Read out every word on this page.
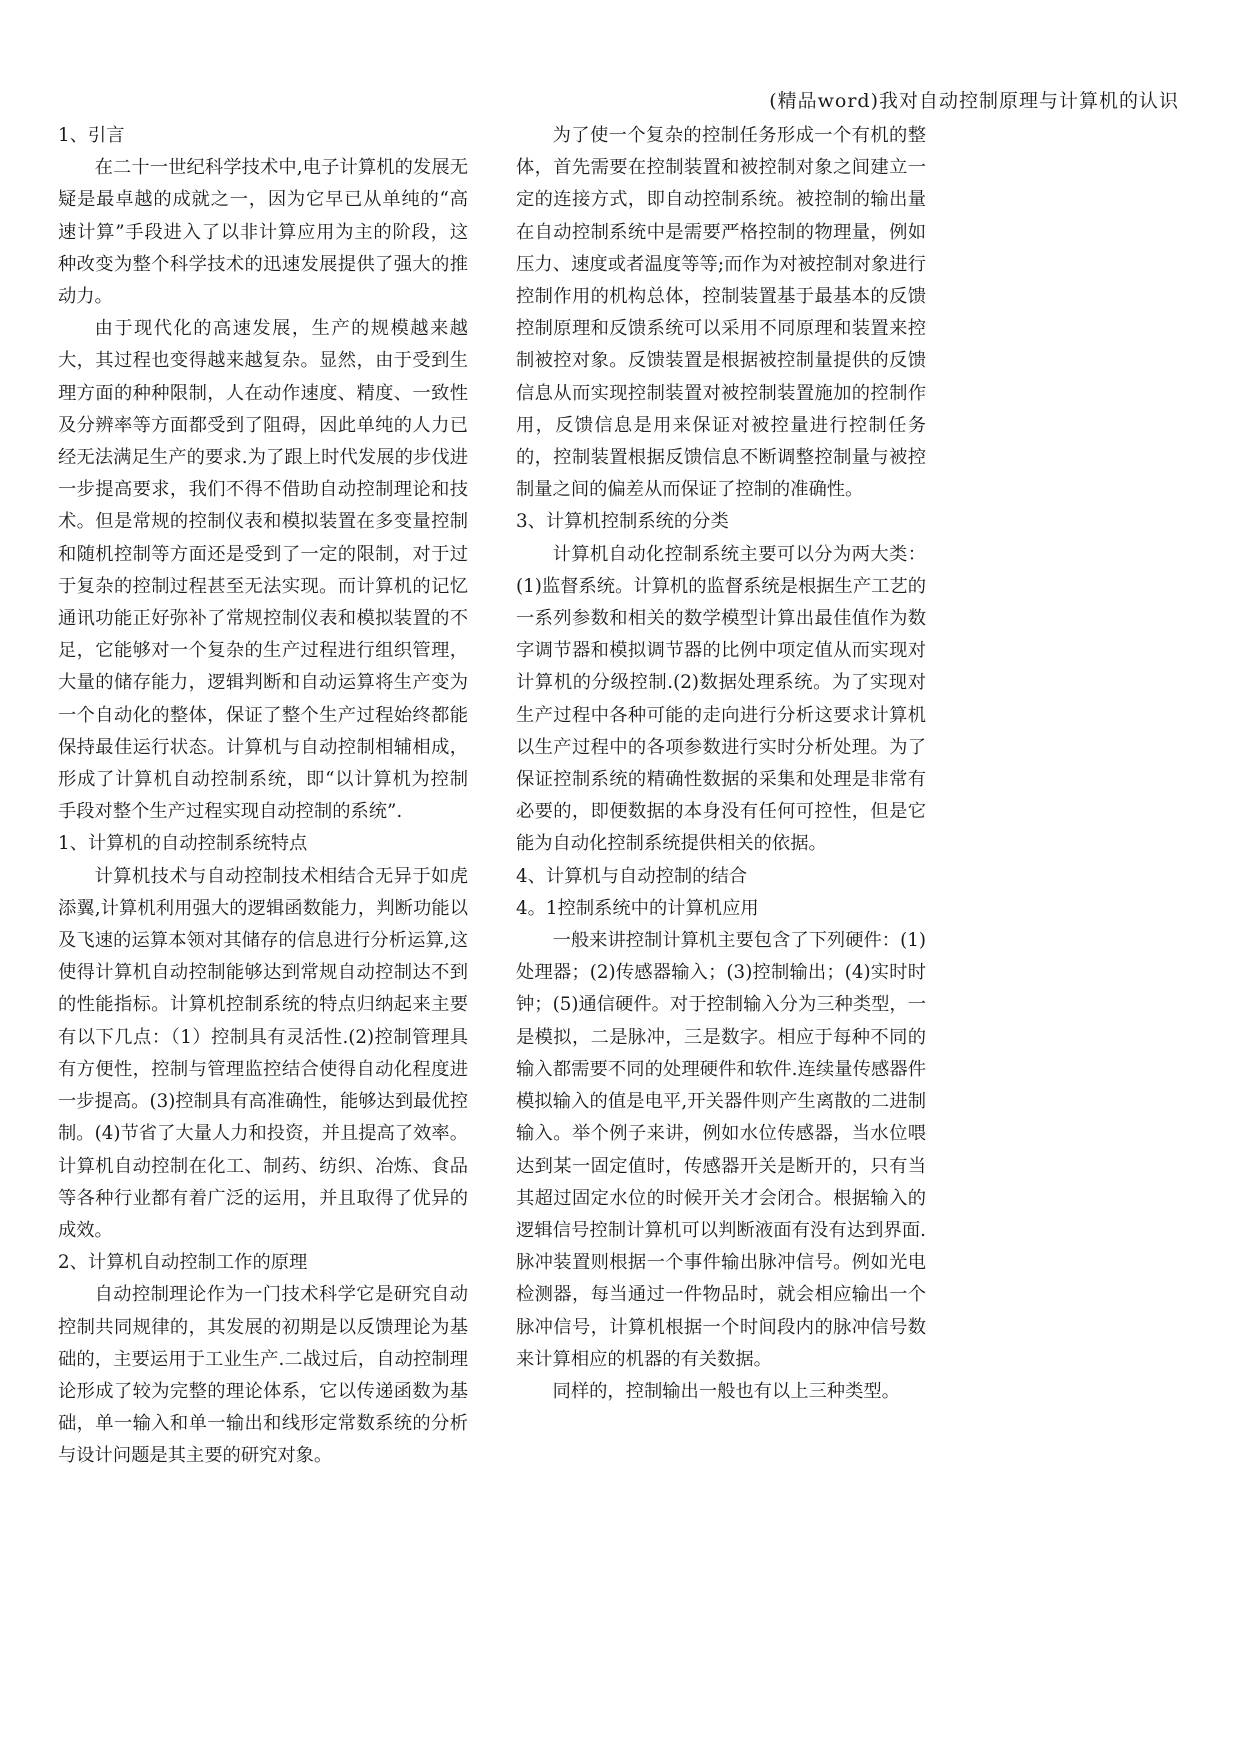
(精品word)我对自动控制原理与计算机的认识
1、引言

在二十一世纪科学技术中,电子计算机的发展无疑是最卓越的成就之一，因为它早已从单纯的“高速计算”手段进入了以非计算应用为主的阶段，这种改变为整个科学技术的迅速发展提供了强大的推动力。

由于现代化的高速发展，生产的规模越来越大，其过程也变得越来越复杂。显然，由于受到生理方面的种种限制，人在动作速度、精度、一致性及分辨率等方面都受到了阻碍，因此单纯的人力已经无法满足生产的要求.为了跟上时代发展的步伐进一步提高要求，我们不得不借助自动控制理论和技术。但是常规的控制仪表和模拟装置在多变量控制和随机控制等方面还是受到了一定的限制，对于过于复杂的控制过程甚至无法实现。而计算机的记忆通讯功能正好弥补了常规控制仪表和模拟装置的不足，它能够对一个复杂的生产过程进行组织管理，大量的储存能力，逻辑判断和自动运算将生产变为一个自动化的整体，保证了整个生产过程始终都能保持最佳运行状态。计算机与自动控制相辅相成，形成了计算机自动控制系统，即“以计算机为控制手段对整个生产过程实现自动控制的系统”.

1、计算机的自动控制系统特点

计算机技术与自动控制技术相结合无异于如虎添翼,计算机利用强大的逻辑函数能力，判断功能以及飞速的运算本领对其储存的信息进行分析运算,这使得计算机自动控制能够达到常规自动控制达不到的性能指标。计算机控制系统的特点归纳起来主要有以下几点：（1）控制具有灵活性.(2)控制管理具有方便性，控制与管理监控结合使得自动化程度进一步提高。(3)控制具有高准确性，能够达到最优控制。(4)节省了大量人力和投资，并且提高了效率。计算机自动控制在化工、制药、纺织、冶炼、食品等各种行业都有着广泛的运用，并且取得了优异的成效。

2、计算机自动控制工作的原理

自动控制理论作为一门技术科学它是研究自动控制共同规律的，其发展的初期是以反馈理论为基础的，主要运用于工业生产.二战过后，自动控制理论形成了较为完整的理论体系，它以传递函数为基础，单一输入和单一输出和线形定常数系统的分析与设计问题是其主要的研究对象。

为了使一个复杂的控制任务形成一个有机的整体，首先需要在控制装置和被控制对象之间建立一定的连接方式，即自动控制系统。被控制的输出量在自动控制系统中是需要严格控制的物理量，例如压力、速度或者温度等等;而作为对被控制对象进行控制作用的机构总体，控制装置基于最基本的反馈控制原理和反馈系统可以采用不同原理和装置来控制被控对象。反馈装置是根据被控制量提供的反馈信息从而实现控制装置对被控制装置施加的控制作用，反馈信息是用来保证对被控量进行控制任务的，控制装置根据反馈信息不断调整控制量与被控制量之间的偏差从而保证了控制的准确性。

3、计算机控制系统的分类

计算机自动化控制系统主要可以分为两大类：(1)监督系统。计算机的监督系统是根据生产工艺的一系列参数和相关的数学模型计算出最佳值作为数字调节器和模拟调节器的比例中项定值从而实现对计算机的分级控制.(2)数据处理系统。为了实现对生产过程中各种可能的走向进行分析这要求计算机以生产过程中的各项参数进行实时分析处理。为了保证控制系统的精确性数据的采集和处理是非常有必要的，即便数据的本身没有任何可控性，但是它能为自动化控制系统提供相关的依据。

4、计算机与自动控制的结合
4。1控制系统中的计算机应用

一般来讲控制计算机主要包含了下列硬件：(1)处理器；(2)传感器输入；(3)控制输出；(4)实时时钟；(5)通信硬件。对于控制输入分为三种类型，一是模拟，二是脉冲，三是数字。相应于每种不同的输入都需要不同的处理硬件和软件.连续量传感器件模拟输入的值是电平,开关器件则产生离散的二进制输入。举个例子来讲，例如水位传感器，当水位喂达到某一固定值时，传感器开关是断开的，只有当其超过固定水位的时候开关才会闭合。根据输入的逻辑信号控制计算机可以判断液面有没有达到界面.脉冲装置则根据一个事件输出脉冲信号。例如光电检测器，每当通过一件物品时，就会相应输出一个脉冲信号，计算机根据一个时间段内的脉冲信号数来计算相应的机器的有关数据。

同样的，控制输出一般也有以上三种类型。
